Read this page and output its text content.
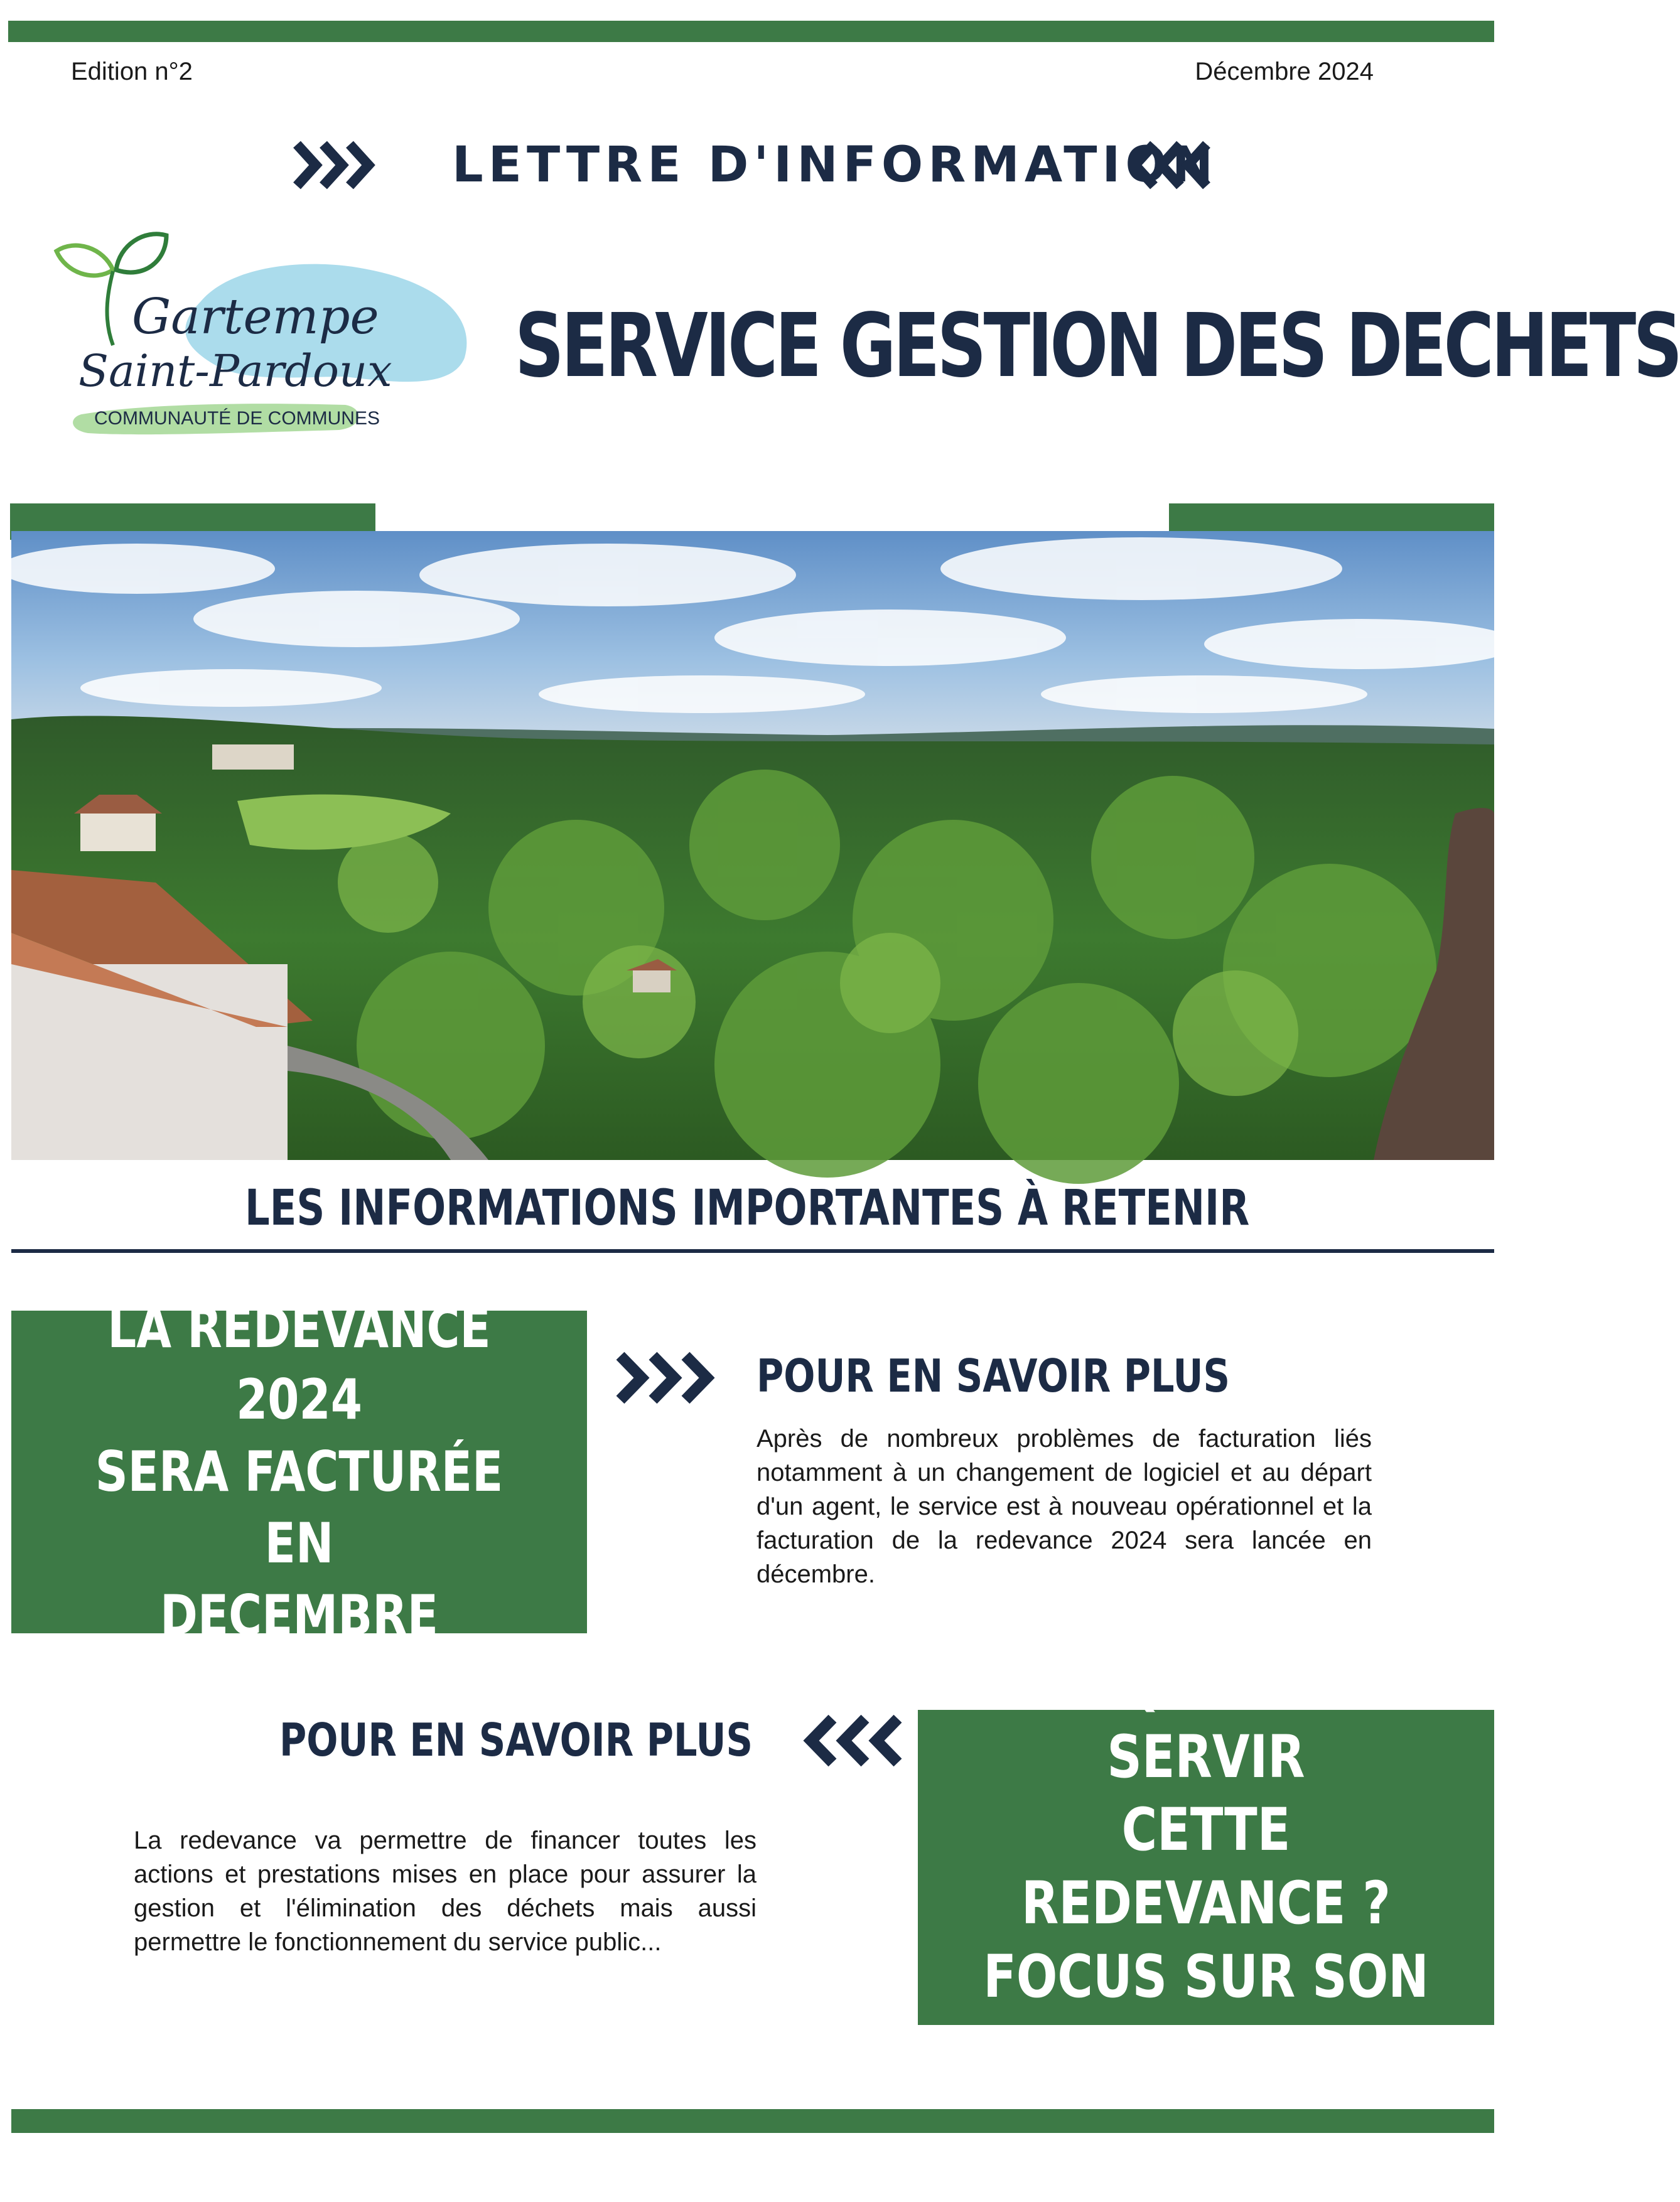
Edition n°2	Décembre 2024
LETTRE D'INFORMATION
Gartempe
Saint-Pardoux
COMMUNAUTÉ DE COMMUNES
SERVICE GESTION DES DECHETS
LES INFORMATIONS IMPORTANTES À RETENIR
LA REDEVANCE 2024
SERA FACTURÉE EN
DECEMBRE
POUR EN SAVOIR PLUS
Après de nombreux problèmes de facturation liés notamment à un changement de logiciel et au départ d'un agent, le service est à nouveau opérationnel et la facturation de la redevance 2024 sera lancée en décembre.
POUR EN SAVOIR PLUS
La redevance va permettre de financer toutes les actions et prestations mises en place pour assurer la gestion et l'élimination des déchets mais aussi permettre le fonctionnement du service public...
A QUOI VA SERVIR
CETTE REDEVANCE ?
FOCUS SUR SON
UTILISATION
